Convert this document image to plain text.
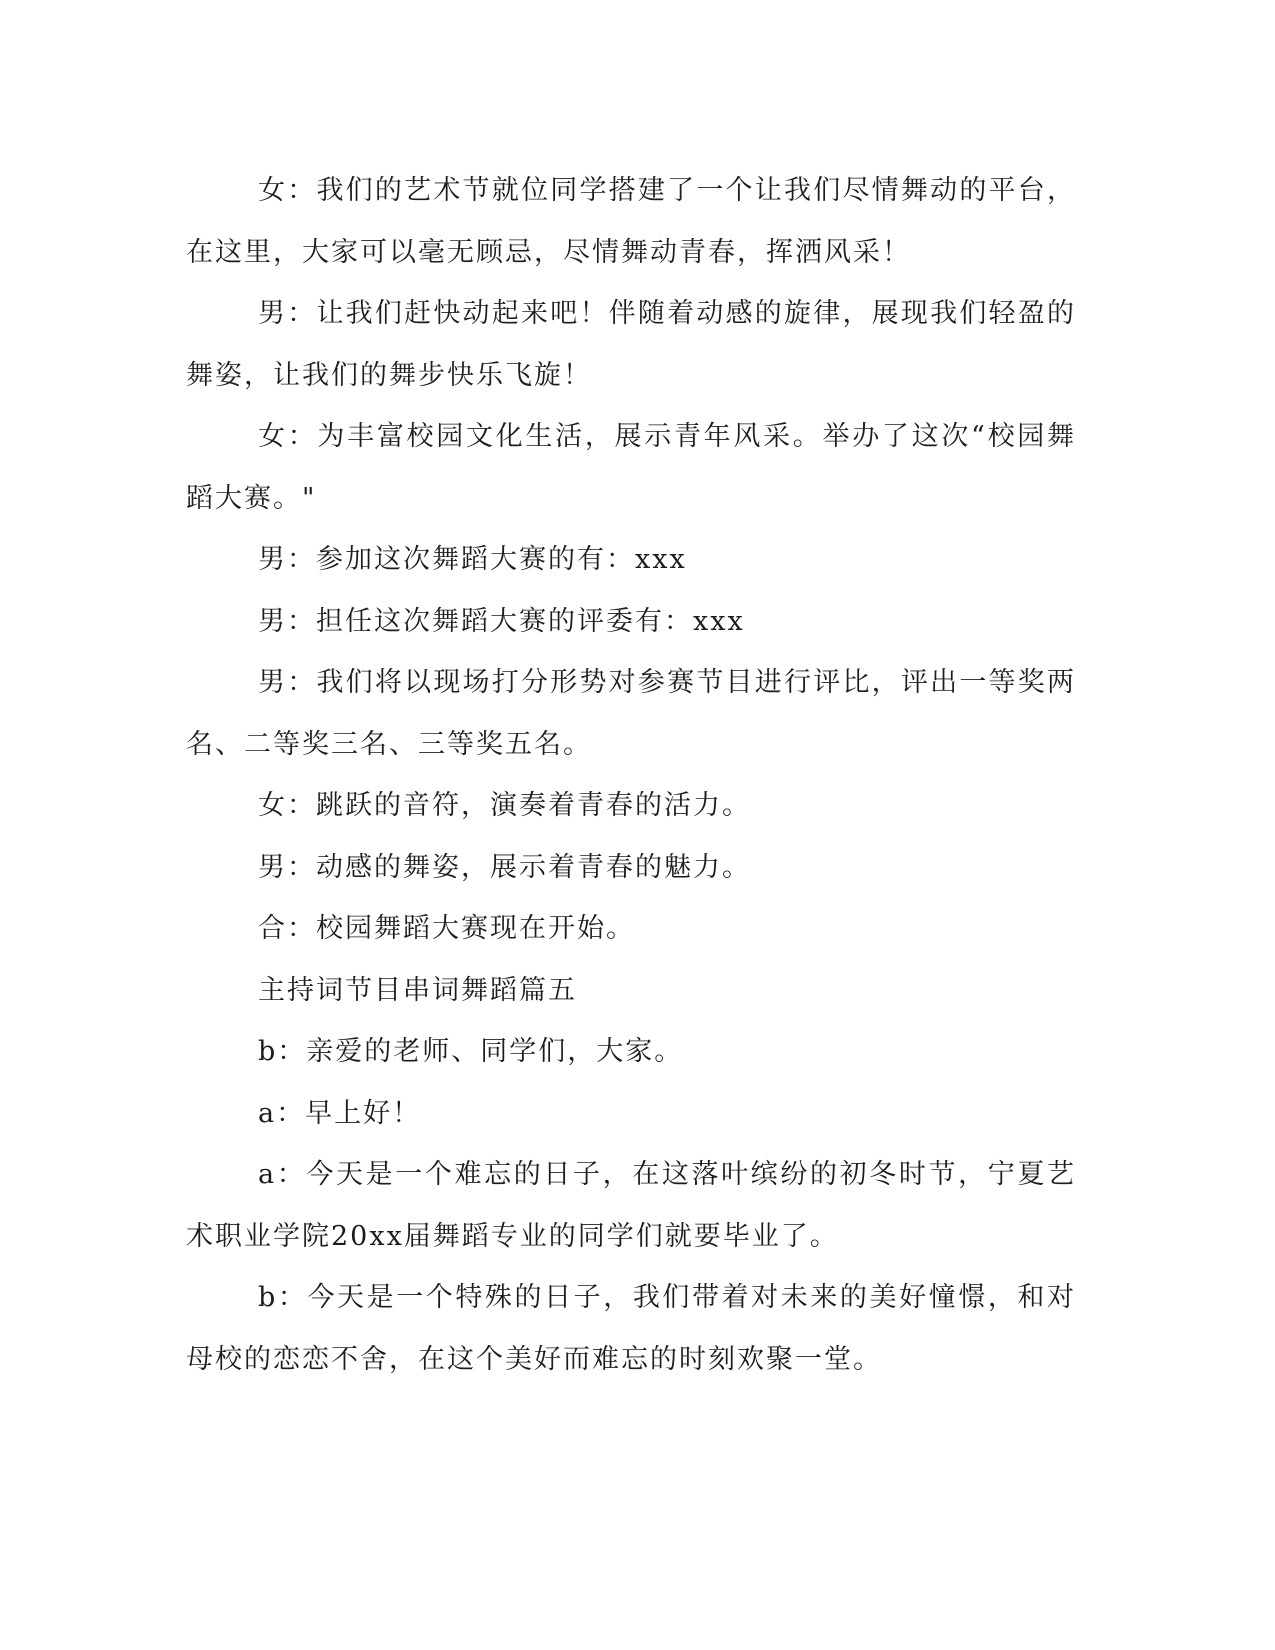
女：我们的艺术节就位同学搭建了一个让我们尽情舞动的平台，在这里，大家可以毫无顾忌，尽情舞动青春，挥洒风采！

男：让我们赶快动起来吧！伴随着动感的旋律，展现我们轻盈的舞姿，让我们的舞步快乐飞旋！

女：为丰富校园文化生活，展示青年风采。举办了这次“校园舞蹈大赛。"

男：参加这次舞蹈大赛的有：xxx

男：担任这次舞蹈大赛的评委有：xxx

男：我们将以现场打分形势对参赛节目进行评比，评出一等奖两名、二等奖三名、三等奖五名。

女：跳跃的音符，演奏着青春的活力。

男：动感的舞姿，展示着青春的魅力。

合：校园舞蹈大赛现在开始。

主持词节目串词舞蹈篇五

b：亲爱的老师、同学们，大家。

a：早上好！

a：今天是一个难忘的日子，在这落叶缤纷的初冬时节，宁夏艺术职业学院20xx届舞蹈专业的同学们就要毕业了。

b：今天是一个特殊的日子，我们带着对未来的美好憧憬，和对母校的恋恋不舍，在这个美好而难忘的时刻欢聚一堂。
